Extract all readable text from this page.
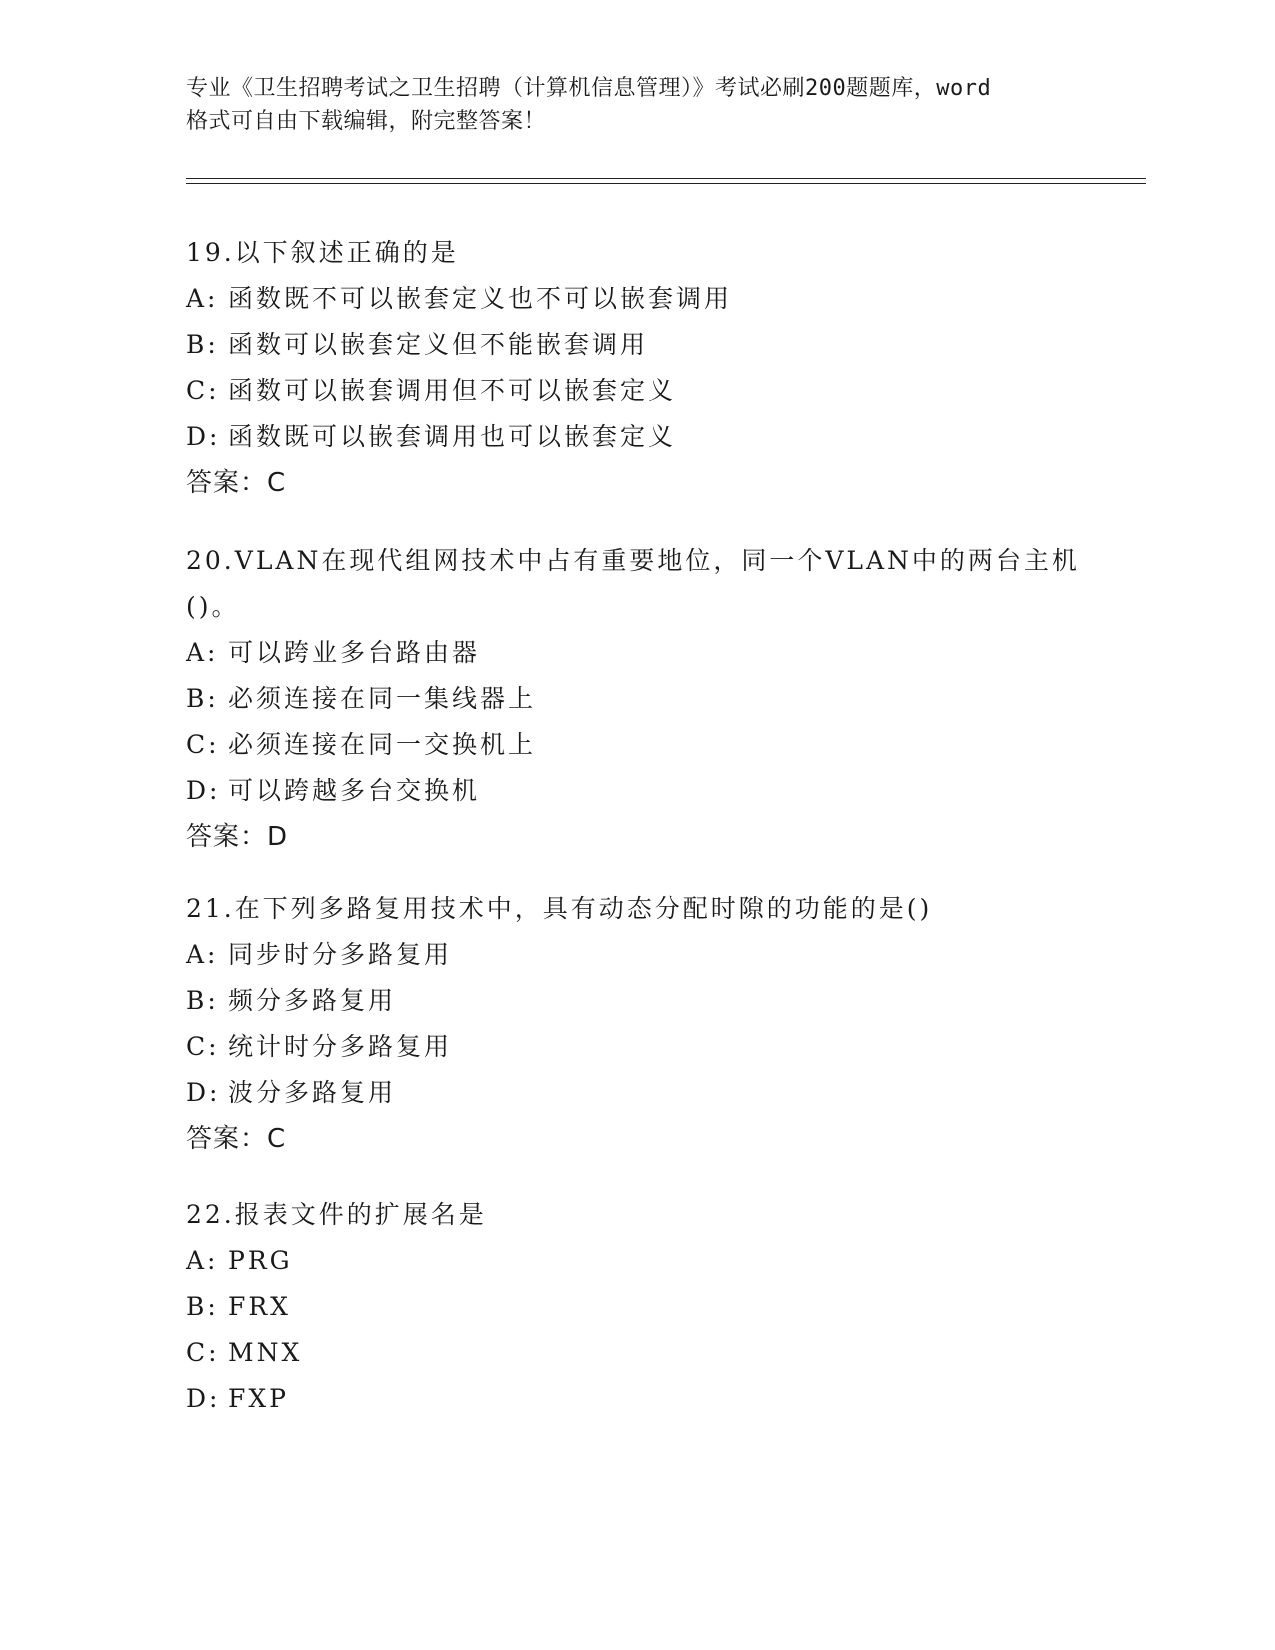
专业《卫生招聘考试之卫生招聘（计算机信息管理）》考试必刷200题题库，word
格式可自由下载编辑，附完整答案！
19.以下叙述正确的是
A: 函数既不可以嵌套定义也不可以嵌套调用
B: 函数可以嵌套定义但不能嵌套调用
C: 函数可以嵌套调用但不可以嵌套定义
D: 函数既可以嵌套调用也可以嵌套定义
答案：C
20.VLAN在现代组网技术中占有重要地位，同一个VLAN中的两台主机
()。
A: 可以跨业多台路由器
B: 必须连接在同一集线器上
C: 必须连接在同一交换机上
D: 可以跨越多台交换机
答案：D
21.在下列多路复用技术中，具有动态分配时隙的功能的是()
A: 同步时分多路复用
B: 频分多路复用
C: 统计时分多路复用
D: 波分多路复用
答案：C
22.报表文件的扩展名是
A: PRG
B: FRX
C: MNX
D: FXP
